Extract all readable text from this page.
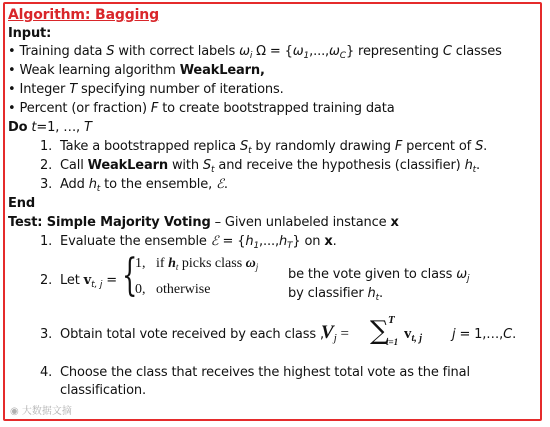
Algorithm: Bagging
Input:
• Training data S with correct labels $\omega_i$ $\Omega = \{\omega_1,...,\omega_C\}$ representing C classes
• Weak learning algorithm WeakLearn,
• Integer T specifying number of iterations.
• Percent (or fraction) F to create bootstrapped training data
Do t=1, …, T
1. Take a bootstrapped replica $S_t$ by randomly drawing F percent of S.
2. Call WeakLearn with $S_t$ and receive the hypothesis (classifier) $h_t$.
3. Add $h_t$ to the ensemble, ℰ.
End
Test: Simple Majority Voting – Given unlabeled instance x
1. Evaluate the ensemble ℰ = $\{h_1,...,h_T\}$ on x.
2. Let $v_{t, j}$ = {
1, if $h_t$ picks class $\omega_j$
0, otherwise
be the vote given to class $\omega_j$
by classifier $h_t$.
3. Obtain total vote received by each class ,
$V_j$ = ∑ T
t=1 $v_{t, j}$ j = 1,…,C.
4. Choose the class that receives the highest total vote as the final
classification.
◉ 大数据文摘
